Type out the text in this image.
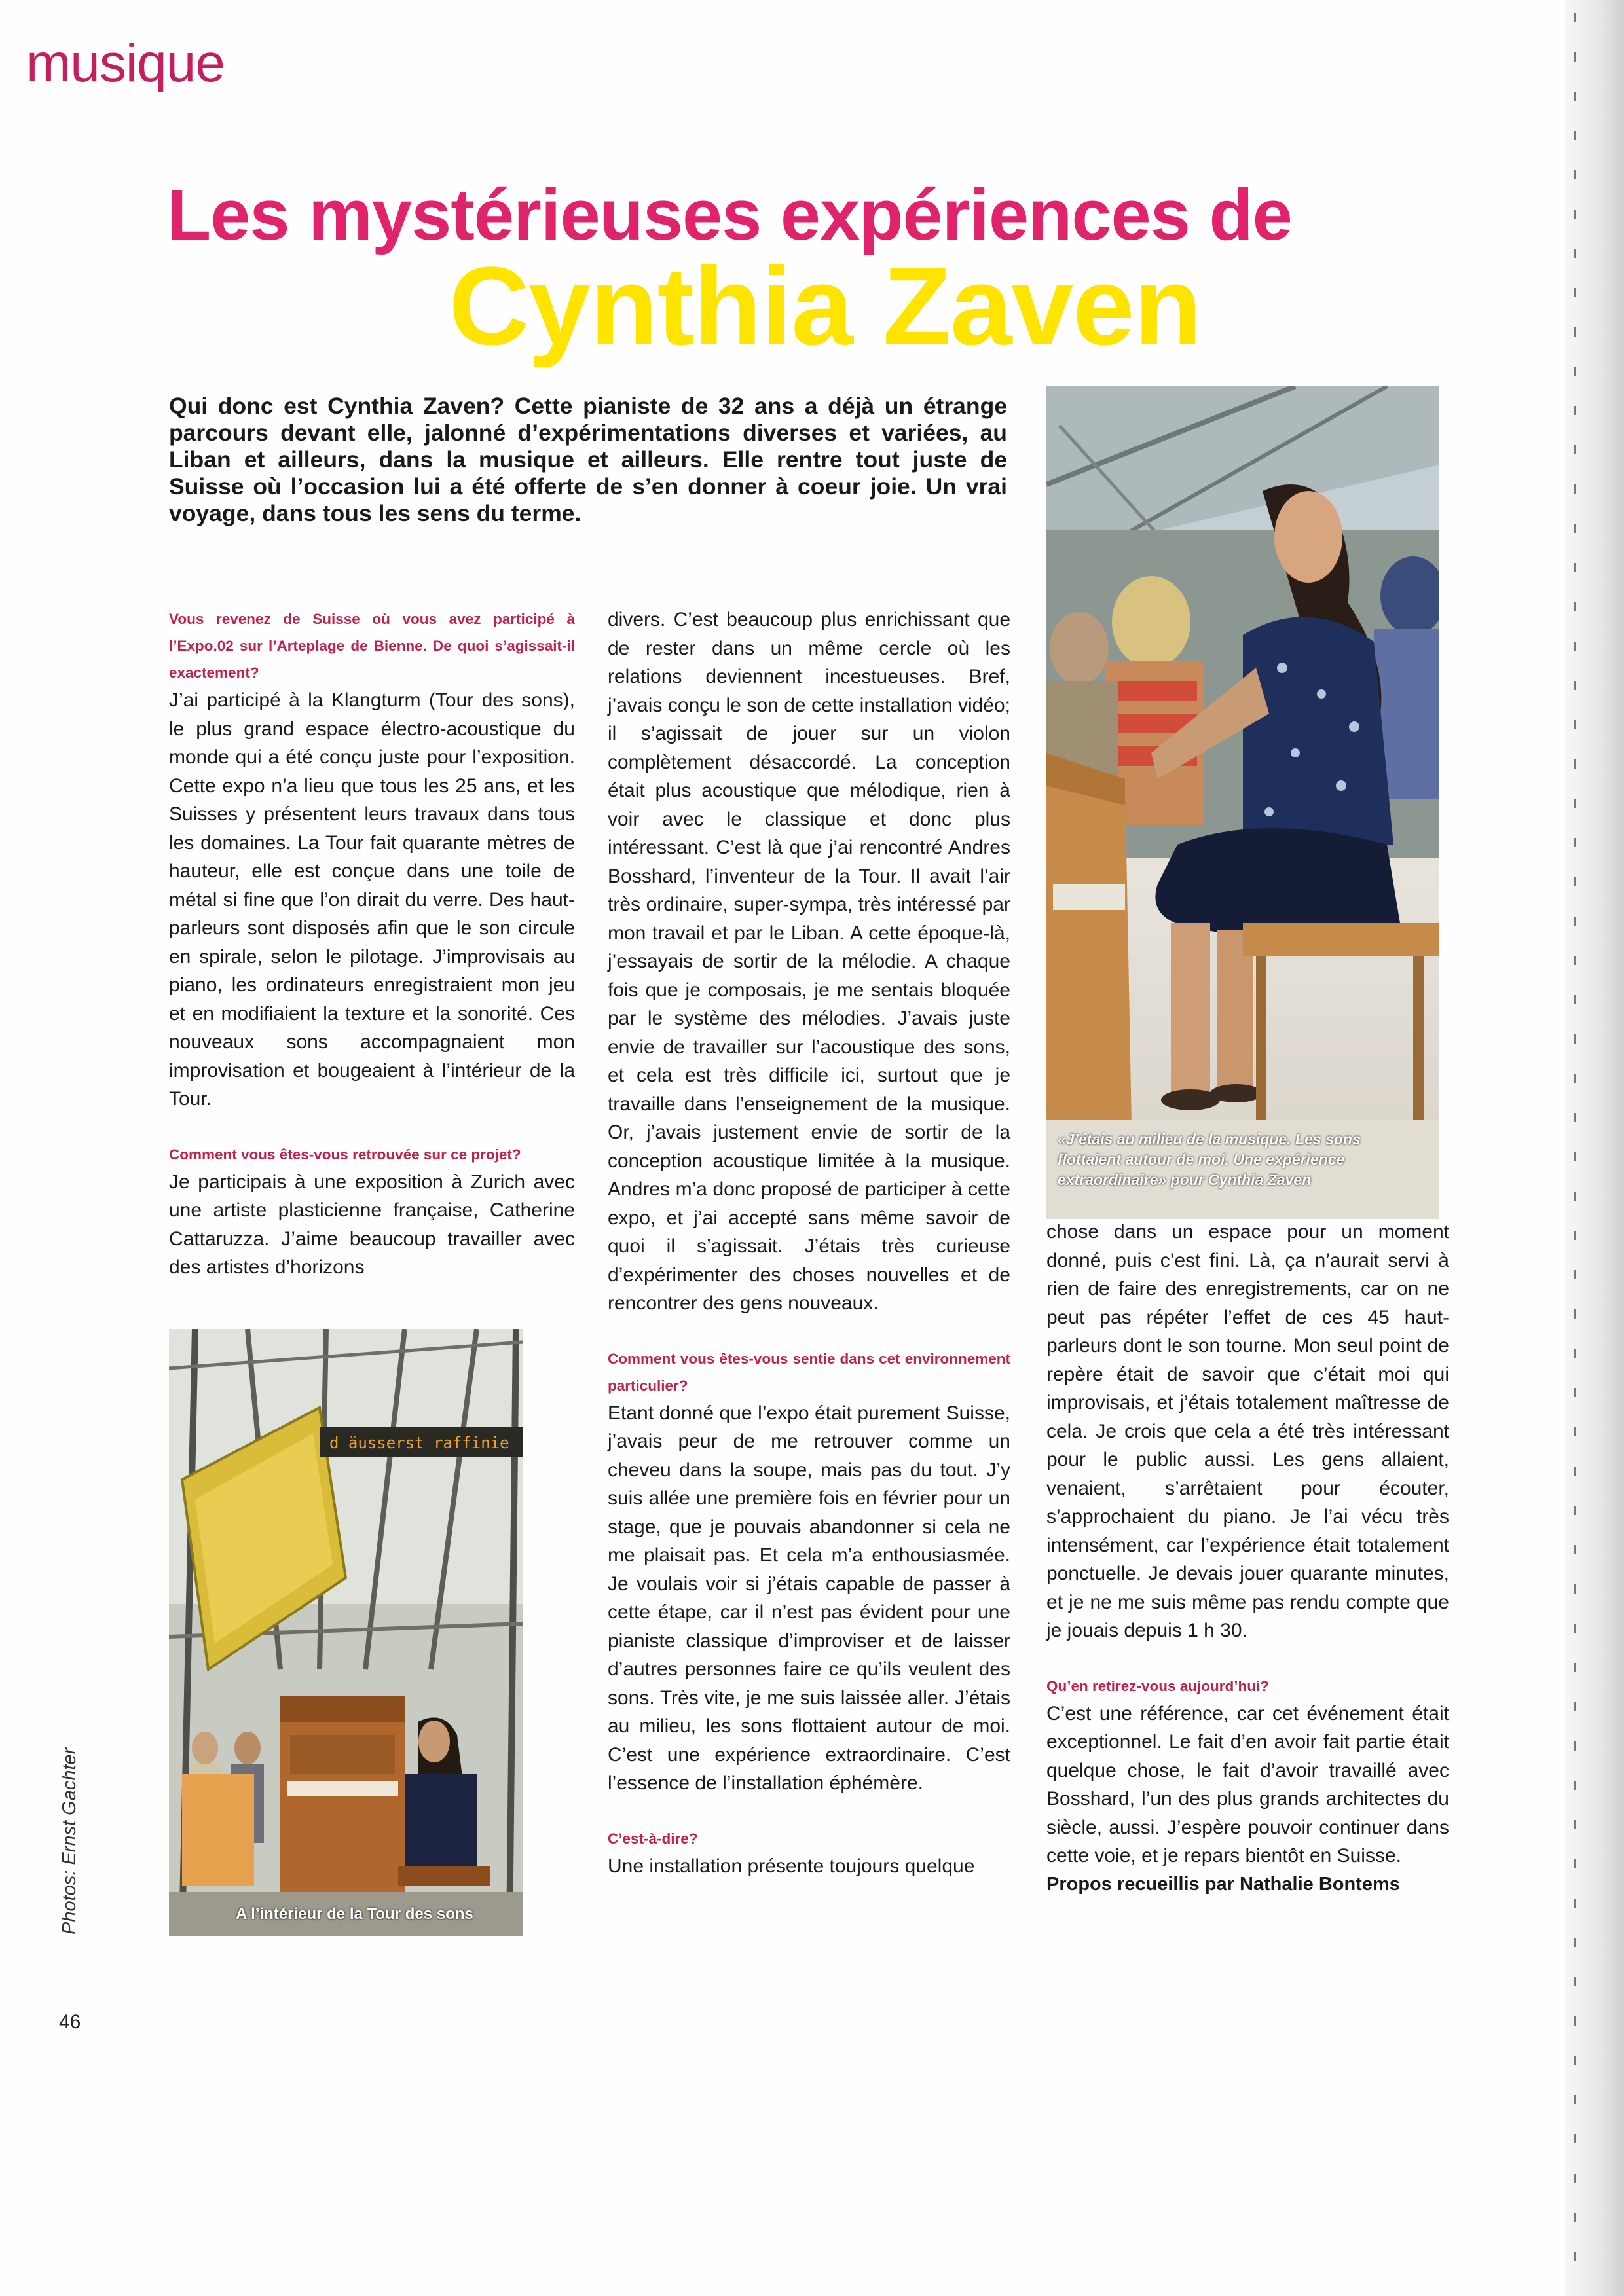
musique
Les mystérieuses expériences de
Cynthia Zaven
Qui donc est Cynthia Zaven? Cette pianiste de 32 ans a déjà un étrange parcours devant elle, jalonné d’expérimentations diverses et variées, au Liban et ailleurs, dans la musique et ailleurs. Elle rentre tout juste de Suisse où l’occasion lui a été offerte de s’en donner à coeur joie. Un vrai voyage, dans tous les sens du terme.
«J’étais au milieu de la musique. Les sons flottaient autour de moi. Une expérience extraordinaire» pour Cynthia Zaven
d äusserst raffinie
A l’intérieur de la Tour des sons

Vous revenez de Suisse où vous avez participé à l’Expo.02 sur l’Arteplage de Bienne. De quoi s’agissait-il exactement?

J’ai participé à la Klangturm (Tour des sons), le plus grand espace électro-acoustique du monde qui a été conçu juste pour l’exposition. Cette expo n’a lieu que tous les 25 ans, et les Suisses y présentent leurs travaux dans tous les domaines. La Tour fait quarante mètres de hauteur, elle est conçue dans une toile de métal si fine que l’on dirait du verre. Des haut-parleurs sont disposés afin que le son circule en spirale, selon le pilotage. J’improvisais au piano, les ordinateurs enregistraient mon jeu et en modifiaient la texture et la sonorité. Ces nouveaux sons accompagnaient mon improvisation et bougeaient à l’intérieur de la Tour.

Comment vous êtes-vous retrouvée sur ce projet?

Je participais à une exposition à Zurich avec une artiste plasticienne française, Catherine Cattaruzza. J’aime beaucoup travailler avec des artistes d’horizons

divers. C’est beaucoup plus enrichissant que de rester dans un même cercle où les relations deviennent incestueuses. Bref, j’avais conçu le son de cette installation vidéo; il s’agissait de jouer sur un violon complètement désaccordé. La conception était plus acoustique que mélodique, rien à voir avec le classique et donc plus intéressant. C’est là que j’ai rencontré Andres Bosshard, l’inventeur de la Tour. Il avait l’air très ordinaire, super-sympa, très intéressé par mon travail et par le Liban. A cette époque-là, j’essayais de sortir de la mélodie. A chaque fois que je composais, je me sentais bloquée par le système des mélodies. J’avais juste envie de travailler sur l’acoustique des sons, et cela est très difficile ici, surtout que je travaille dans l’enseignement de la musique. Or, j’avais justement envie de sortir de la conception acoustique limitée à la musique. Andres m’a donc proposé de participer à cette expo, et j’ai accepté sans même savoir de quoi il s’agissait. J’étais très curieuse d’expérimenter des choses nouvelles et de rencontrer des gens nouveaux.

Comment vous êtes-vous sentie dans cet environnement particulier?

Etant donné que l’expo était purement Suisse, j’avais peur de me retrouver comme un cheveu dans la soupe, mais pas du tout. J’y suis allée une première fois en février pour un stage, que je pouvais abandonner si cela ne me plaisait pas. Et cela m’a enthousiasmée. Je voulais voir si j’étais capable de passer à cette étape, car il n’est pas évident pour une pianiste classique d’improviser et de laisser d’autres personnes faire ce qu’ils veulent des sons. Très vite, je me suis laissée aller. J’étais au milieu, les sons flottaient autour de moi. C’est une expérience extraordinaire. C’est l’essence de l’installation éphémère.

C’est-à-dire?

Une installation présente toujours quelque

chose dans un espace pour un moment donné, puis c’est fini. Là, ça n’aurait servi à rien de faire des enregistrements, car on ne peut pas répéter l’effet de ces 45 haut-parleurs dont le son tourne. Mon seul point de repère était de savoir que c’était moi qui improvisais, et j’étais totalement maîtresse de cela. Je crois que cela a été très intéressant pour le public aussi. Les gens allaient, venaient, s’arrêtaient pour écouter, s’approchaient du piano. Je l’ai vécu très intensément, car l’expérience était totalement ponctuelle. Je devais jouer quarante minutes, et je ne me suis même pas rendu compte que je jouais depuis 1 h 30.

Qu’en retirez-vous aujourd’hui?

C’est une référence, car cet événement était exceptionnel. Le fait d’en avoir fait partie était quelque chose, le fait d’avoir travaillé avec Bosshard, l’un des plus grands architectes du siècle, aussi. J’espère pouvoir continuer dans cette voie, et je repars bientôt en Suisse.

Propos recueillis par Nathalie Bontems

Photos: Ernst Gachter
46
